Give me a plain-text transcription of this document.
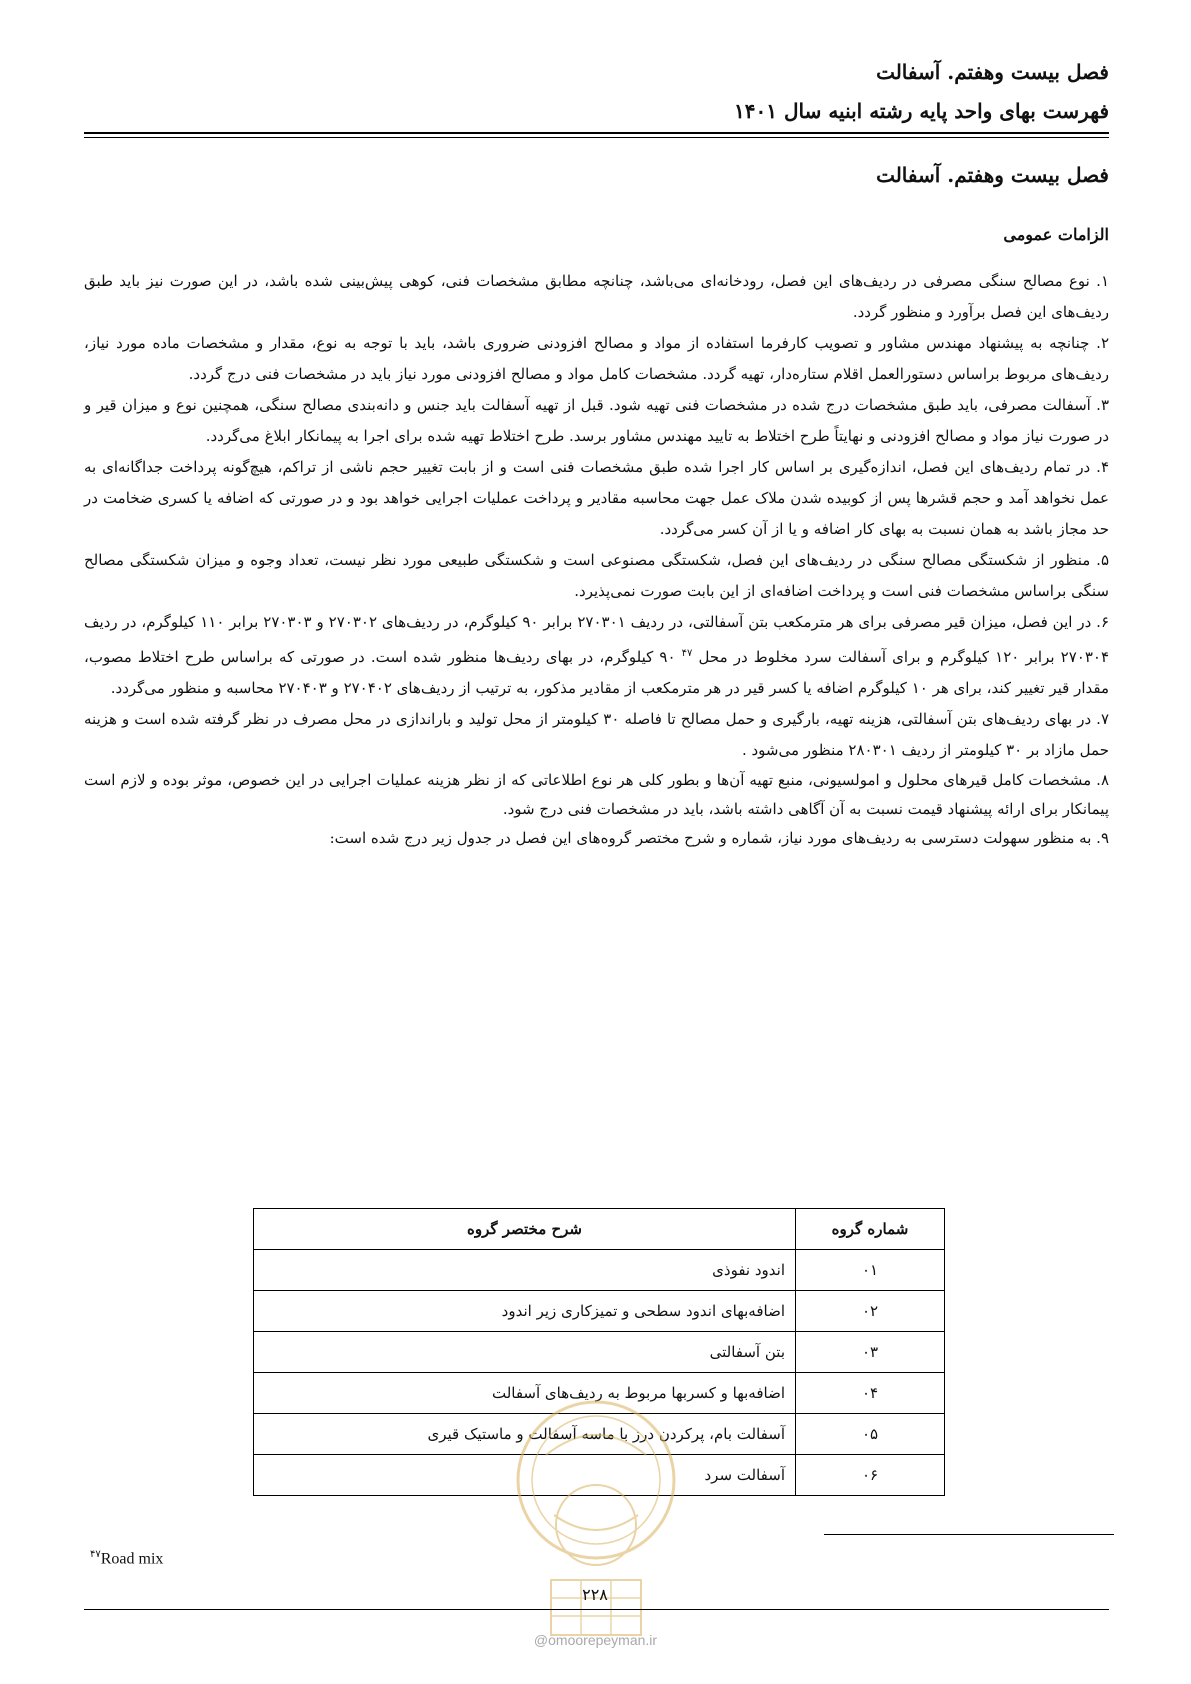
فصل بیست وهفتم. آسفالت
فهرست بهای واحد پایه رشته ابنیه سال ۱۴۰۱
فصل بیست وهفتم. آسفالت
الزامات عمومی

۱. نوع مصالح سنگی مصرفی در ردیف‌های این فصل، رودخانه‌ای می‌باشد، چنانچه مطابق مشخصات فنی، کوهی پیش‌بینی شده باشد، در این صورت نیز باید طبق ردیف‌های این فصل برآورد و منظور گردد.

۲. چنانچه به پیشنهاد مهندس مشاور و تصویب کارفرما استفاده از مواد و مصالح افزودنی ضروری باشد، باید با توجه به نوع، مقدار و مشخصات ماده مورد نیاز، ردیف‌های مربوط براساس دستورالعمل اقلام ستاره‌دار، تهیه گردد. مشخصات کامل مواد و مصالح افزودنی مورد نیاز باید در مشخصات فنی درج گردد.

۳. آسفالت مصرفی، باید طبق مشخصات درج شده در مشخصات فنی تهیه شود. قبل از تهیه آسفالت باید جنس و دانه‌بندی مصالح سنگی، همچنین نوع و میزان قیر و در صورت نیاز مواد و مصالح افزودنی و نهایتاً طرح اختلاط به تایید مهندس مشاور برسد. طرح اختلاط تهیه شده برای اجرا به پیمانکار ابلاغ می‌گردد.

۴. در تمام ردیف‌های این فصل، اندازه‌گیری بر اساس کار اجرا شده طبق مشخصات فنی است و از بابت تغییر حجم ناشی از تراکم، هیچ‌گونه پرداخت جداگانه‌ای به عمل نخواهد آمد و حجم قشرها پس از کوبیده شدن ملاک عمل جهت محاسبه مقادیر و پرداخت عملیات اجرایی خواهد بود و در صورتی که اضافه یا کسری ضخامت در حد مجاز باشد به همان نسبت به بهای کار اضافه و یا از آن کسر می‌گردد.

۵. منظور از شکستگی مصالح سنگی در ردیف‌های این فصل، شکستگی مصنوعی است و شکستگی طبیعی مورد نظر نیست، تعداد وجوه و میزان شکستگی مصالح سنگی براساس مشخصات فنی است و پرداخت اضافه‌ای از این بابت صورت نمی‌پذیرد.

۶. در این فصل، میزان قیر مصرفی برای هر مترمکعب بتن آسفالتی، در ردیف ۲۷۰۳۰۱ برابر ۹۰ کیلوگرم، در ردیف‌های ۲۷۰۳۰۲ و ۲۷۰۳۰۳ برابر ۱۱۰ کیلوگرم، در ردیف ۲۷۰۳۰۴ برابر ۱۲۰ کیلوگرم و برای آسفالت سرد مخلوط در محل $^{۴۷}$ ۹۰ کیلوگرم، در بهای ردیف‌ها منظور شده است. در صورتی که براساس طرح اختلاط مصوب، مقدار قیر تغییر کند، برای هر ۱۰ کیلوگرم اضافه یا کسر قیر در هر مترمکعب از مقادیر مذکور، به ترتیب از ردیف‌های ۲۷۰۴۰۲ و ۲۷۰۴۰۳ محاسبه و منظور می‌گردد.

۷. در بهای ردیف‌های بتن آسفالتی، هزینه تهیه، بارگیری و حمل مصالح تا فاصله ۳۰ کیلومتر از محل تولید و باراندازی در محل مصرف در نظر گرفته شده است و هزینه حمل مازاد بر ۳۰ کیلومتر از ردیف ۲۸۰۳۰۱ منظور می‌شود .

۸. مشخصات کامل قیرهای محلول و امولسیونی، منبع تهیه آن‌ها و بطور کلی هر نوع اطلاعاتی که از نظر هزینه عملیات اجرایی در این خصوص، موثر بوده و لازم است پیمانکار برای ارائه پیشنهاد قیمت نسبت به آن آگاهی داشته باشد، باید در مشخصات فنی درج شود.

۹. به منظور سهولت دسترسی به ردیف‌های مورد نیاز، شماره و شرح مختصر گروه‌های این فصل در جدول زیر درج شده است:

شماره گروه	شرح مختصر گروه
۰۱	اندود نفوذی
۰۲	اضافه‌بهای اندود سطحی و تمیزکاری زیر اندود
۰۳	بتن آسفالتی
۰۴	اضافه‌بها و کسربها مربوط به ردیف‌های آسفالت
۰۵	آسفالت بام، پرکردن درز با ماسه آسفالت و ماستیک قیری
۰۶	آسفالت سرد
$^{۴۷}$Road mix
۲۲۸
@omoorepeyman.ir
